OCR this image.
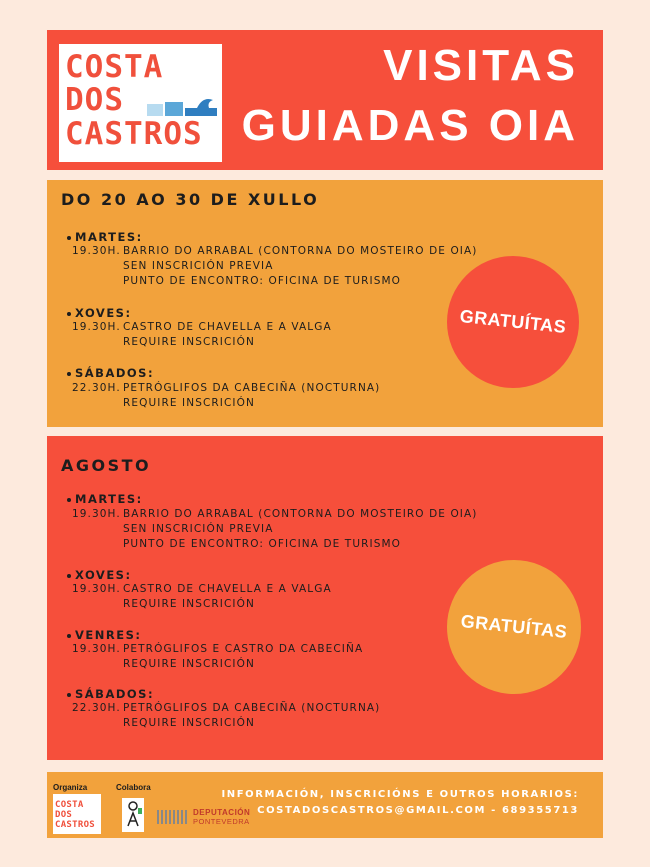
COSTA
DOS
CASTROS
VISITAS
GUIADAS OIA
DO 20 AO 30 DE XULLO
MARTES:
19.30H. BARRIO DO ARRABAL (CONTORNA DO MOSTEIRO DE OIA)
SEN INSCRICIÓN PREVIA
PUNTO DE ENCONTRO: OFICINA DE TURISMO
XOVES:
19.30H. CASTRO DE CHAVELLA E A VALGA
REQUIRE INSCRICIÓN
SÁBADOS:
22.30H. PETRÓGLIFOS DA CABECIÑA (NOCTURNA)
REQUIRE INSCRICIÓN
GRATUÍTAS
AGOSTO
MARTES:
19.30H. BARRIO DO ARRABAL (CONTORNA DO MOSTEIRO DE OIA)
SEN INSCRICIÓN PREVIA
PUNTO DE ENCONTRO: OFICINA DE TURISMO
XOVES:
19.30H. CASTRO DE CHAVELLA E A VALGA
REQUIRE INSCRICIÓN
VENRES:
19.30H. PETRÓGLIFOS E CASTRO DA CABECIÑA
REQUIRE INSCRICIÓN
SÁBADOS:
22.30H. PETRÓGLIFOS DA CABECIÑA (NOCTURNA)
REQUIRE INSCRICIÓN
GRATUÍTAS
Organiza	Colabora
COSTA
DOS
CASTROS
DEPUTACIÓN
PONTEVEDRA
INFORMACIÓN, INSCRICIÓNS E OUTROS HORARIOS:
COSTADOSCASTROS@GMAIL.COM - 689355713
